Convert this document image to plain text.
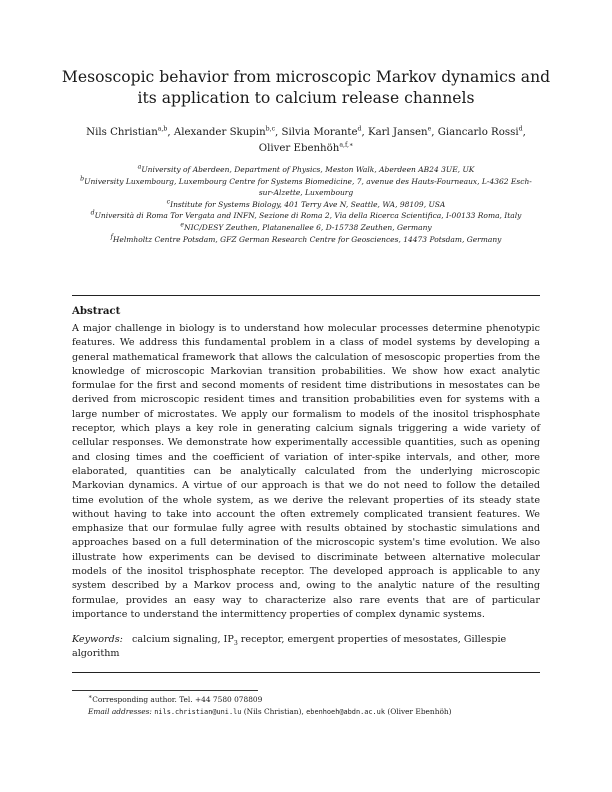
Mesoscopic behavior from microscopic Markov dynamics and its application to calcium release channels
Nils Christian$^{a,b}$, Alexander Skupin$^{b,c}$, Silvia Morante$^d$, Karl Jansen$^e$, Giancarlo Rossi$^d$,
Oliver Ebenhöh$^{a,f,∗}$
$^a$University of Aberdeen, Department of Physics, Meston Walk, Aberdeen AB24 3UE, UK
$^b$University Luxembourg, Luxembourg Centre for Systems Biomedicine, 7, avenue des Hauts-Fourneaux, L-4362 Esch-sur-Alzette, Luxembourg
$^c$Institute for Systems Biology, 401 Terry Ave N, Seattle, WA, 98109, USA
$^d$Università di Roma Tor Vergata and INFN, Sezione di Roma 2, Via della Ricerca Scientifica, I-00133 Roma, Italy
$^e$NIC/DESY Zeuthen, Platanenallee 6, D-15738 Zeuthen, Germany
$^f$Helmholtz Centre Potsdam, GFZ German Research Centre for Geosciences, 14473 Potsdam, Germany
Abstract
A major challenge in biology is to understand how molecular processes determine phenotypic features. We address this fundamental problem in a class of model systems by developing a general mathematical framework that allows the calculation of mesoscopic properties from the knowledge of microscopic Markovian transition probabilities. We show how exact analytic formulae for the first and second moments of resident time distributions in mesostates can be derived from microscopic resident times and transition probabilities even for systems with a large number of microstates. We apply our formalism to models of the inositol trisphosphate receptor, which plays a key role in generating calcium signals triggering a wide variety of cellular responses. We demonstrate how experimentally accessible quantities, such as opening and closing times and the coefficient of variation of inter-spike intervals, and other, more elaborated, quantities can be analytically calculated from the underlying microscopic Markovian dynamics. A virtue of our approach is that we do not need to follow the detailed time evolution of the whole system, as we derive the relevant properties of its steady state without having to take into account the often extremely complicated transient features. We emphasize that our formulae fully agree with results obtained by stochastic simulations and approaches based on a full determination of the microscopic system's time evolution. We also illustrate how experiments can be devised to discriminate between alternative molecular models of the inositol trisphosphate receptor. The developed approach is applicable to any system described by a Markov process and, owing to the analytic nature of the resulting formulae, provides an easy way to characterize also rare events that are of particular importance to understand the intermittency properties of complex dynamic systems.
Keywords: calcium signaling, $IP_3$ receptor, emergent properties of mesostates, Gillespie algorithm
∗Corresponding author. Tel. +44 7580 078809
Email addresses: nils.christian@uni.lu (Nils Christian), ebenhoeh@abdn.ac.uk (Oliver Ebenhöh)
